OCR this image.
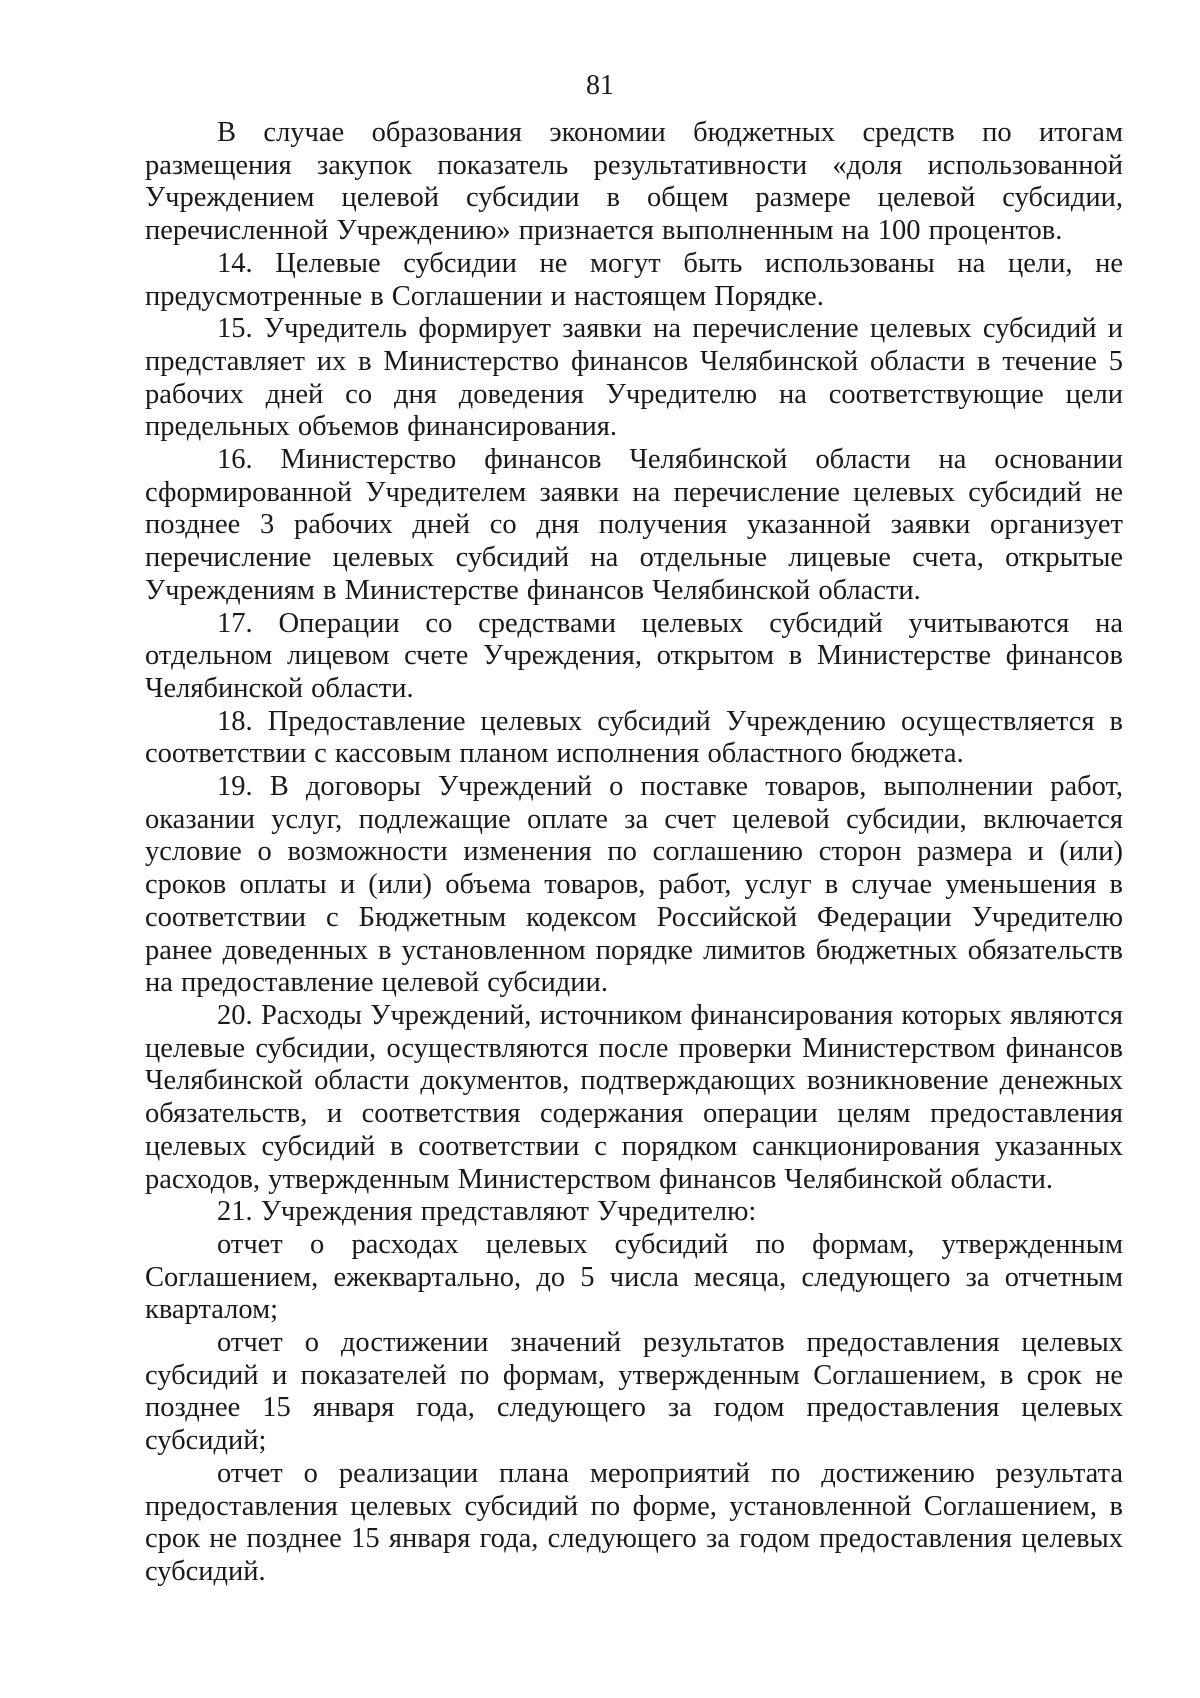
81

В случае образования экономии бюджетных средств по итогам размещения закупок показатель результативности «доля использованной Учреждением целевой субсидии в общем размере целевой субсидии, перечисленной Учреждению» признается выполненным на 100 процентов.

14. Целевые субсидии не могут быть использованы на цели, не предусмотренные в Соглашении и настоящем Порядке.

15. Учредитель формирует заявки на перечисление целевых субсидий и представляет их в Министерство финансов Челябинской области в течение 5 рабочих дней со дня доведения Учредителю на соответствующие цели предельных объемов финансирования.

16. Министерство финансов Челябинской области на основании сформированной Учредителем заявки на перечисление целевых субсидий не позднее 3 рабочих дней со дня получения указанной заявки организует перечисление целевых субсидий на отдельные лицевые счета, открытые Учреждениям в Министерстве финансов Челябинской области.

17. Операции со средствами целевых субсидий учитываются на отдельном лицевом счете Учреждения, открытом в Министерстве финансов Челябинской области.

18. Предоставление целевых субсидий Учреждению осуществляется в соответствии с кассовым планом исполнения областного бюджета.

19. В договоры Учреждений о поставке товаров, выполнении работ, оказании услуг, подлежащие оплате за счет целевой субсидии, включается условие о возможности изменения по соглашению сторон размера и (или) сроков оплаты и (или) объема товаров, работ, услуг в случае уменьшения в соответствии с Бюджетным кодексом Российской Федерации Учредителю ранее доведенных в установленном порядке лимитов бюджетных обязательств на предоставление целевой субсидии.

20. Расходы Учреждений, источником финансирования которых являются целевые субсидии, осуществляются после проверки Министерством финансов Челябинской области документов, подтверждающих возникновение денежных обязательств, и соответствия содержания операции целям предоставления целевых субсидий в соответствии с порядком санкционирования указанных расходов, утвержденным Министерством финансов Челябинской области.

21. Учреждения представляют Учредителю:

отчет о расходах целевых субсидий по формам, утвержденным Соглашением, ежеквартально, до 5 числа месяца, следующего за отчетным кварталом;

отчет о достижении значений результатов предоставления целевых субсидий и показателей по формам, утвержденным Соглашением, в срок не позднее 15 января года, следующего за годом предоставления целевых субсидий;

отчет о реализации плана мероприятий по достижению результата предоставления целевых субсидий по форме, установленной Соглашением, в срок не позднее 15 января года, следующего за годом предоставления целевых субсидий.
